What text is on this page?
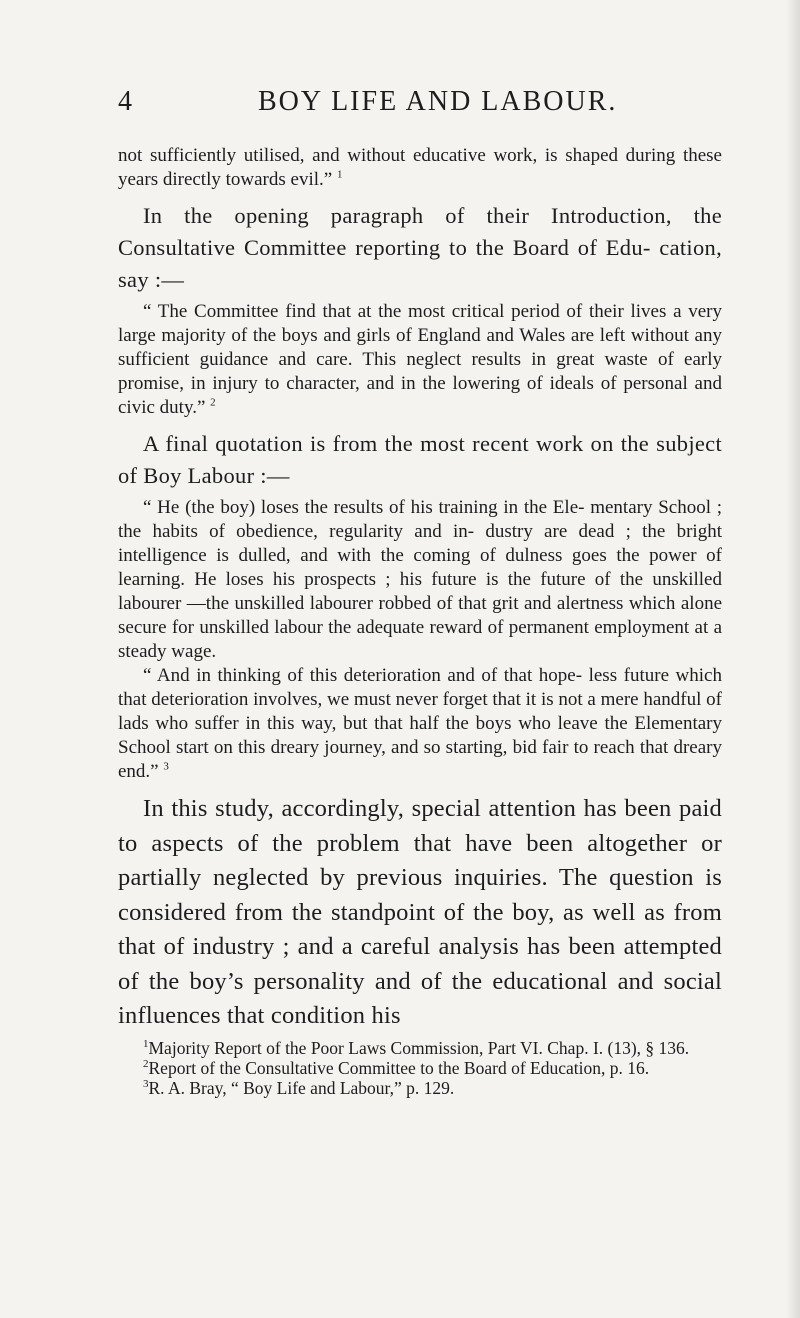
4	BOY LIFE AND LABOUR.

not sufficiently utilised, and without educative work, is shaped during these years directly towards evil.” $^1$

In the opening paragraph of their Introduction, the Consultative Committee reporting to the Board of Edu- cation, say :—

“ The Committee find that at the most critical period of their lives a very large majority of the boys and girls of England and Wales are left without any sufficient guidance and care. This neglect results in great waste of early promise, in injury to character, and in the lowering of ideals of personal and civic duty.” $^2$

A final quotation is from the most recent work on the subject of Boy Labour :—

“ He (the boy) loses the results of his training in the Ele- mentary School ; the habits of obedience, regularity and in- dustry are dead ; the bright intelligence is dulled, and with the coming of dulness goes the power of learning. He loses his prospects ; his future is the future of the unskilled labourer —the unskilled labourer robbed of that grit and alertness which alone secure for unskilled labour the adequate reward of permanent employment at a steady wage.

“ And in thinking of this deterioration and of that hope- less future which that deterioration involves, we must never forget that it is not a mere handful of lads who suffer in this way, but that half the boys who leave the Elementary School start on this dreary journey, and so starting, bid fair to reach that dreary end.” $^3$

In this study, accordingly, special attention has been paid to aspects of the problem that have been altogether or partially neglected by previous inquiries. The question is considered from the standpoint of the boy, as well as from that of industry ; and a careful analysis has been attempted of the boy’s personality and of the educational and social influences that condition his

$^1$Majority Report of the Poor Laws Commission, Part VI. Chap. I. (13), § 136.

$^2$Report of the Consultative Committee to the Board of Education, p. 16.

$^3$R. A. Bray, “ Boy Life and Labour,” p. 129.
